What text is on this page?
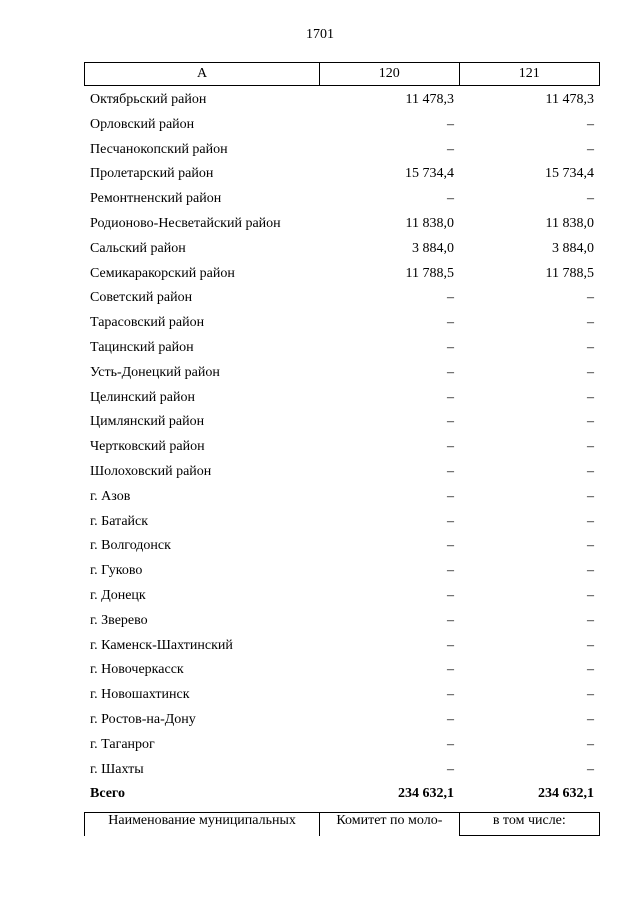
1701
А	120	121
Октябрьский район	11 478,3	11 478,3
Орловский район	–	–
Песчанокопский район	–	–
Пролетарский район	15 734,4	15 734,4
Ремонтненский район	–	–
Родионово-Несветайский район	11 838,0	11 838,0
Сальский район	3 884,0	3 884,0
Семикаракорский район	11 788,5	11 788,5
Советский район	–	–
Тарасовский район	–	–
Тацинский район	–	–
Усть-Донецкий район	–	–
Целинский район	–	–
Цимлянский район	–	–
Чертковский район	–	–
Шолоховский район	–	–
г. Азов	–	–
г. Батайск	–	–
г. Волгодонск	–	–
г. Гуково	–	–
г. Донецк	–	–
г. Зверево	–	–
г. Каменск-Шахтинский	–	–
г. Новочеркасск	–	–
г. Новошахтинск	–	–
г. Ростов-на-Дону	–	–
г. Таганрог	–	–
г. Шахты	–	–
Всего	234 632,1	234 632,1
Наименование муниципальных	Комитет по моло-	в том числе:
